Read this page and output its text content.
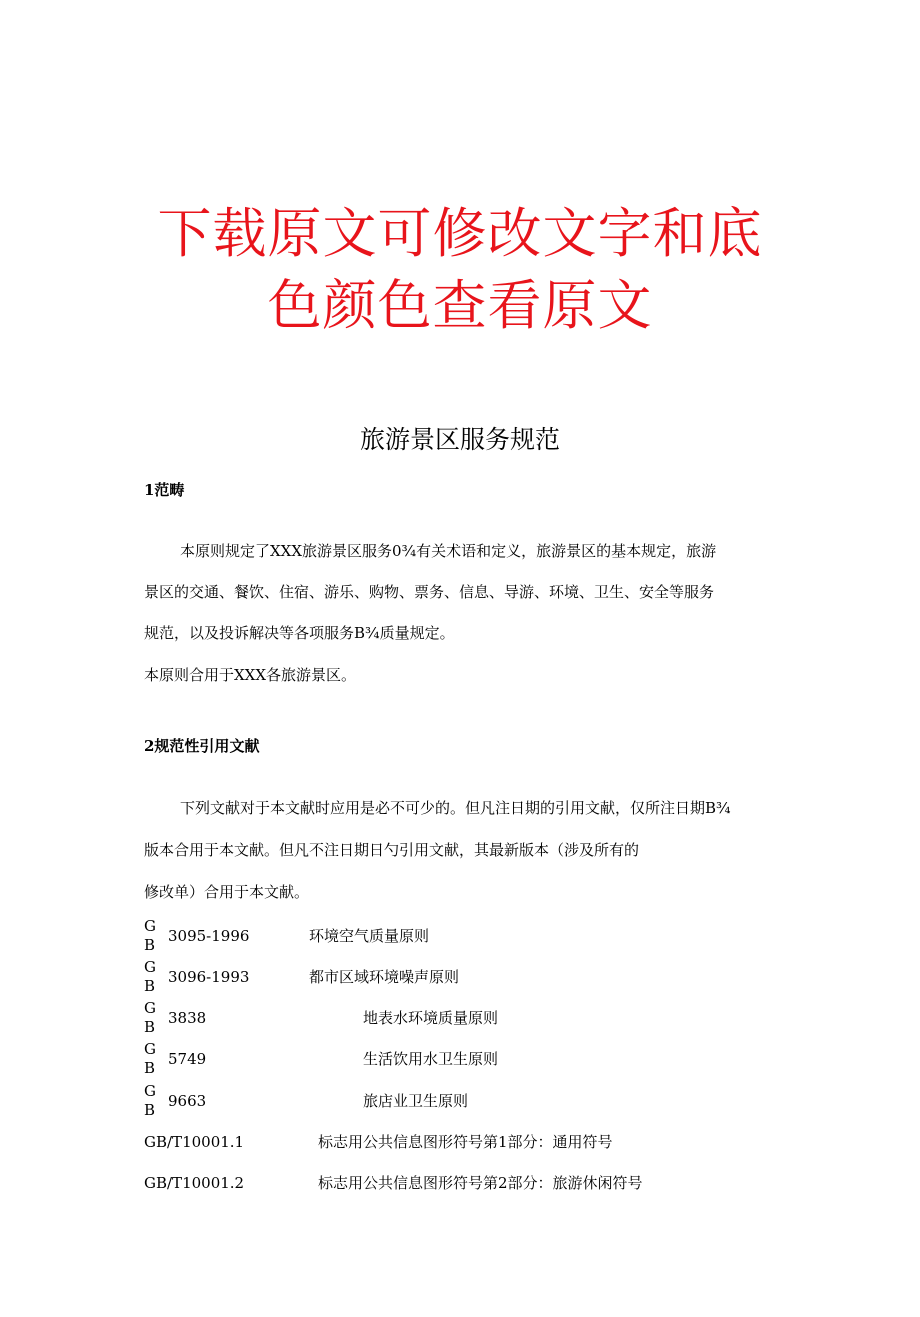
下载原文可修改文字和底
色颜色查看原文
旅游景区服务规范
1范畴
本原则规定了XXX旅游景区服务0¾有关术语和定义，旅游景区的基本规定，旅游
景区的交通、餐饮、住宿、游乐、购物、票务、信息、导游、环境、卫生、安全等服务
规范，以及投诉解决等各项服务B¾质量规定。
本原则合用于XXX各旅游景区。
2规范性引用文献
下列文献对于本文献时应用是必不可少的。但凡注日期的引用文献，仅所注日期B¾
版本合用于本文献。但凡不注日期日勺引用文献，其最新版本（涉及所有的
修改单）合用于本文献。
G
B 3095-1996	环境空气质量原则
G
B 3096-1993	都市区域环境噪声原则
G
B 3838	地表水环境质量原则
G
B 5749	生活饮用水卫生原则
G
B 9663	旅店业卫生原则
GB/T10001.1	标志用公共信息图形符号第1部分：通用符号
GB/T10001.2	标志用公共信息图形符号第2部分：旅游休闲符号
